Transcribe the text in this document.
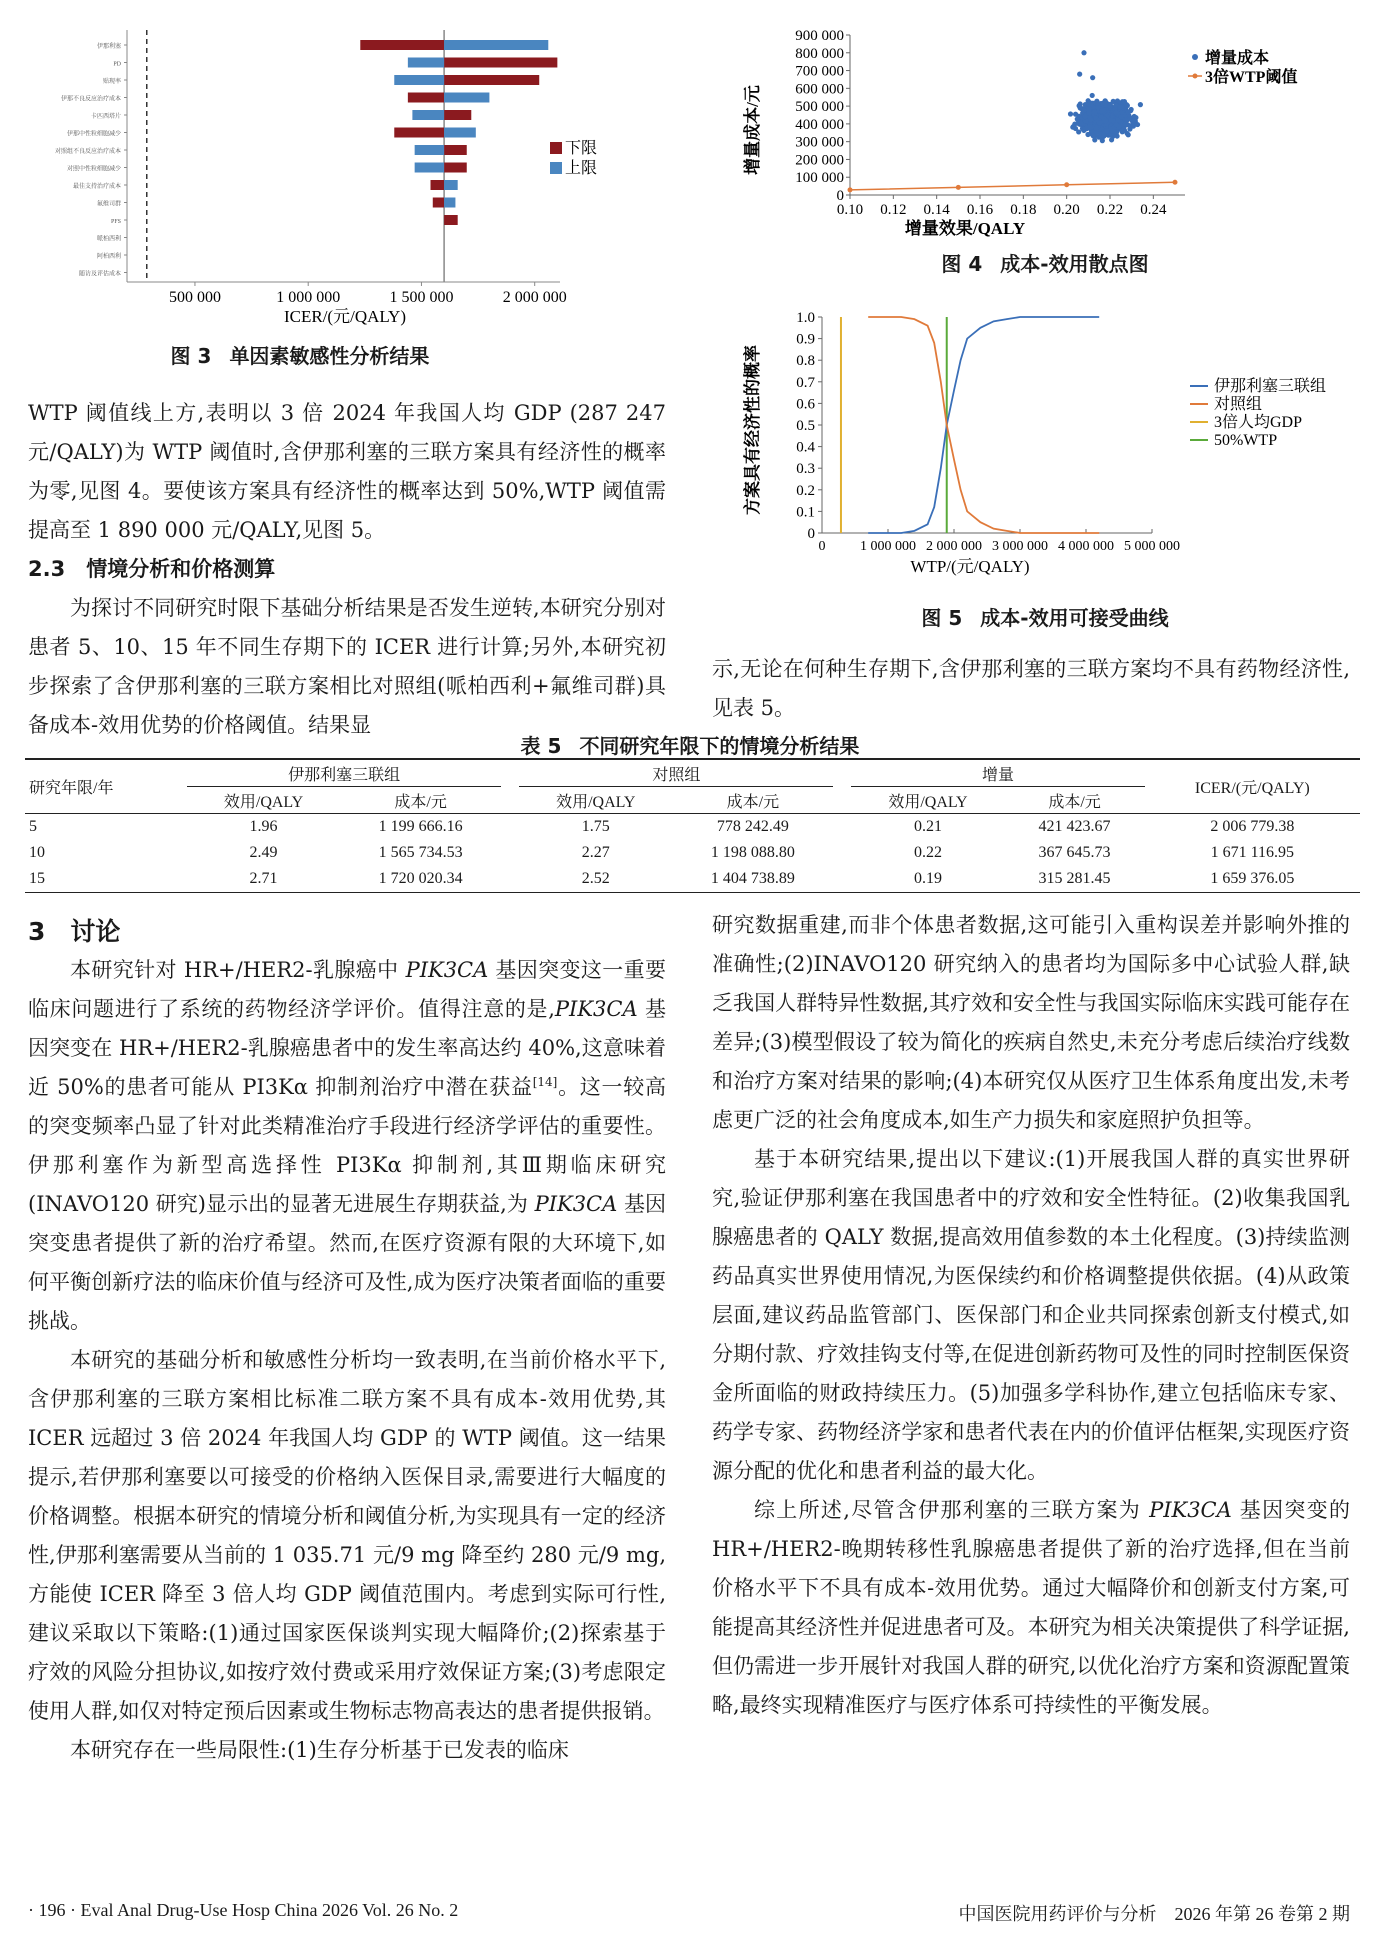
伊那利塞
PD
贴现率
伊那不良反应治疗成本
卡匹西塔片
伊那中性粒细胞减少
对照组不良反应治疗成本
对照中性粒细胞减少
最佳支持治疗成本
氟维司群
PFS
哌柏西利
阿柏西利
随访及评估成本
500 000	1 000 000	1 500 000	2 000 000
ICER/(元/QALY)
下限
上限
图 3 单因素敏感性分析结果
0
100 000
200 000
300 000
400 000
500 000
600 000
700 000
800 000
900 000
0.10 0.12 0.14 0.16 0.18 0.20 0.22 0.24
增量成本/元
增量效果/QALY
增量成本
3倍WTP阈值
图 4 成本-效用散点图
0
0.1
0.2
0.3
0.4
0.5
0.6
0.7
0.8
0.9
1.0
0 1 000 000 2 000 000 3 000 000 4 000 000 5 000 000
方案具有经济性的概率
WTP/(元/QALY)
伊那利塞三联组
对照组
3倍人均GDP
50%WTP
图 5 成本-效用可接受曲线

WTP 阈值线上方,表明以 3 倍 2024 年我国人均 GDP (287 247 元/QALY)为 WTP 阈值时,含伊那利塞的三联方案具有经济性的概率为零,见图 4。要使该方案具有经济性的概率达到 50%,WTP 阈值需提高至 1 890 000 元/QALY,见图 5。

2.3　情境分析和价格测算

为探讨不同研究时限下基础分析结果是否发生逆转,本研究分别对患者 5、10、15 年不同生存期下的 ICER 进行计算;另外,本研究初步探索了含伊那利塞的三联方案相比对照组(哌柏西利+氟维司群)具备成本-效用优势的价格阈值。结果显

示,无论在何种生存期下,含伊那利塞的三联方案均不具有药物经济性,见表 5。

表 5 不同研究年限下的情境分析结果
研究年限/年	伊那利塞三联组			对照组			增量		ICER/(元/QALY)
	效用/QALY	成本/元		效用/QALY	成本/元		效用/QALY	成本/元	
5	1.96	1 199 666.16		1.75	778 242.49		0.21	421 423.67	2 006 779.38
10	2.49	1 565 734.53		2.27	1 198 088.80		0.22	367 645.73	1 671 116.95
15	2.71	1 720 020.34		2.52	1 404 738.89		0.19	315 281.45	1 659 376.05

3　讨论

本研究针对 HR+/HER2-乳腺癌中 PIK3CA 基因突变这一重要临床问题进行了系统的药物经济学评价。值得注意的是,PIK3CA 基因突变在 HR+/HER2-乳腺癌患者中的发生率高达约 40%,这意味着近 50%的患者可能从 PI3Kα 抑制剂治疗中潜在获益[14]。这一较高的突变频率凸显了针对此类精准治疗手段进行经济学评估的重要性。伊那利塞作为新型高选择性 PI3Kα 抑制剂,其Ⅲ期临床研究(INAVO120 研究)显示出的显著无进展生存期获益,为 PIK3CA 基因突变患者提供了新的治疗希望。然而,在医疗资源有限的大环境下,如何平衡创新疗法的临床价值与经济可及性,成为医疗决策者面临的重要挑战。

本研究的基础分析和敏感性分析均一致表明,在当前价格水平下,含伊那利塞的三联方案相比标准二联方案不具有成本-效用优势,其 ICER 远超过 3 倍 2024 年我国人均 GDP 的 WTP 阈值。这一结果提示,若伊那利塞要以可接受的价格纳入医保目录,需要进行大幅度的价格调整。根据本研究的情境分析和阈值分析,为实现具有一定的经济性,伊那利塞需要从当前的 1 035.71 元/9 mg 降至约 280 元/9 mg,方能使 ICER 降至 3 倍人均 GDP 阈值范围内。考虑到实际可行性,建议采取以下策略:(1)通过国家医保谈判实现大幅降价;(2)探索基于疗效的风险分担协议,如按疗效付费或采用疗效保证方案;(3)考虑限定使用人群,如仅对特定预后因素或生物标志物高表达的患者提供报销。

本研究存在一些局限性:(1)生存分析基于已发表的临床

研究数据重建,而非个体患者数据,这可能引入重构误差并影响外推的准确性;(2)INAVO120 研究纳入的患者均为国际多中心试验人群,缺乏我国人群特异性数据,其疗效和安全性与我国实际临床实践可能存在差异;(3)模型假设了较为简化的疾病自然史,未充分考虑后续治疗线数和治疗方案对结果的影响;(4)本研究仅从医疗卫生体系角度出发,未考虑更广泛的社会角度成本,如生产力损失和家庭照护负担等。

基于本研究结果,提出以下建议:(1)开展我国人群的真实世界研究,验证伊那利塞在我国患者中的疗效和安全性特征。(2)收集我国乳腺癌患者的 QALY 数据,提高效用值参数的本土化程度。(3)持续监测药品真实世界使用情况,为医保续约和价格调整提供依据。(4)从政策层面,建议药品监管部门、医保部门和企业共同探索创新支付模式,如分期付款、疗效挂钩支付等,在促进创新药物可及性的同时控制医保资金所面临的财政持续压力。(5)加强多学科协作,建立包括临床专家、药学专家、药物经济学家和患者代表在内的价值评估框架,实现医疗资源分配的优化和患者利益的最大化。

综上所述,尽管含伊那利塞的三联方案为 PIK3CA 基因突变的 HR+/HER2-晚期转移性乳腺癌患者提供了新的治疗选择,但在当前价格水平下不具有成本-效用优势。通过大幅降价和创新支付方案,可能提高其经济性并促进患者可及。本研究为相关决策提供了科学证据,但仍需进一步开展针对我国人群的研究,以优化治疗方案和资源配置策略,最终实现精准医疗与医疗体系可持续性的平衡发展。

· 196 · Eval Anal Drug-Use Hosp China 2026 Vol. 26 No. 2	中国医院用药评价与分析　2026 年第 26 卷第 2 期
